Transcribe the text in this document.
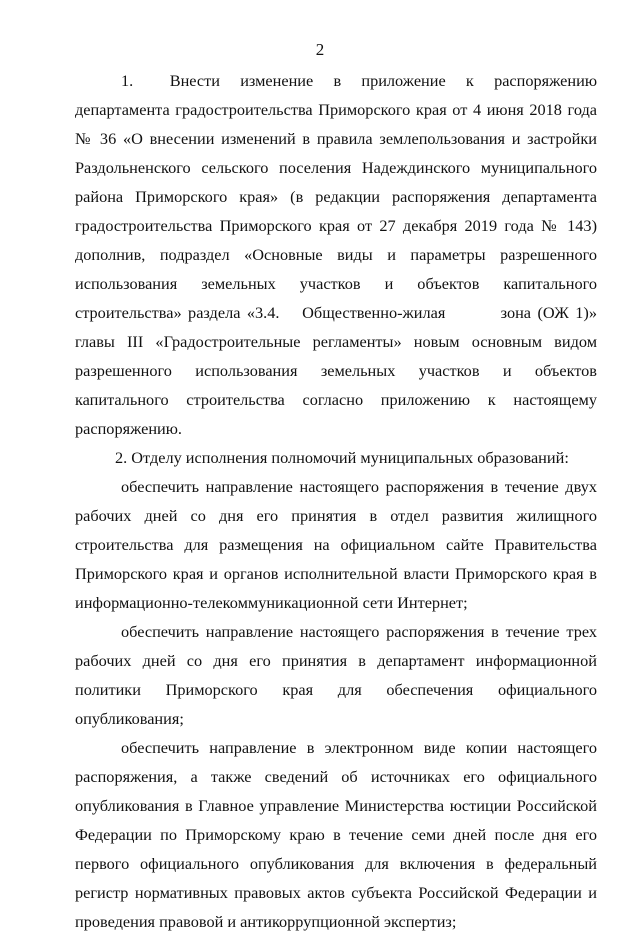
2

1.  Внести изменение в приложение к распоряжению департамента градостроительства Приморского края от 4 июня 2018 года № 36 «О внесении изменений в правила землепользования и застройки Раздольненского сельского поселения Надеждинского муниципального района Приморского края» (в редакции распоряжения департамента градостроительства Приморского края от 27 декабря 2019 года № 143) дополнив, подраздел «Основные виды и параметры разрешенного использования земельных участков и объектов капитального строительства» раздела «3.4.  Общественно-жилая    зона (ОЖ 1)» главы III «Градостроительные регламенты» новым основным видом разрешенного использования земельных участков и объектов капитального строительства согласно приложению к настоящему распоряжению.

2. Отделу исполнения полномочий муниципальных образований:

обеспечить направление настоящего распоряжения в течение двух рабочих дней со дня его принятия в отдел развития жилищного строительства для размещения на официальном сайте Правительства Приморского края и органов исполнительной власти Приморского края в информационно-телекоммуникационной сети Интернет;

обеспечить направление настоящего распоряжения в течение трех рабочих дней со дня его принятия в департамент информационной политики Приморского края для обеспечения официального опубликования;

обеспечить направление в электронном виде копии настоящего распоряжения, а также сведений об источниках его официального опубликования в Главное управление Министерства юстиции Российской Федерации по Приморскому краю в течение семи дней после дня его первого официального опубликования для включения в федеральный регистр нормативных правовых актов субъекта Российской Федерации и проведения правовой и антикоррупционной экспертиз;
